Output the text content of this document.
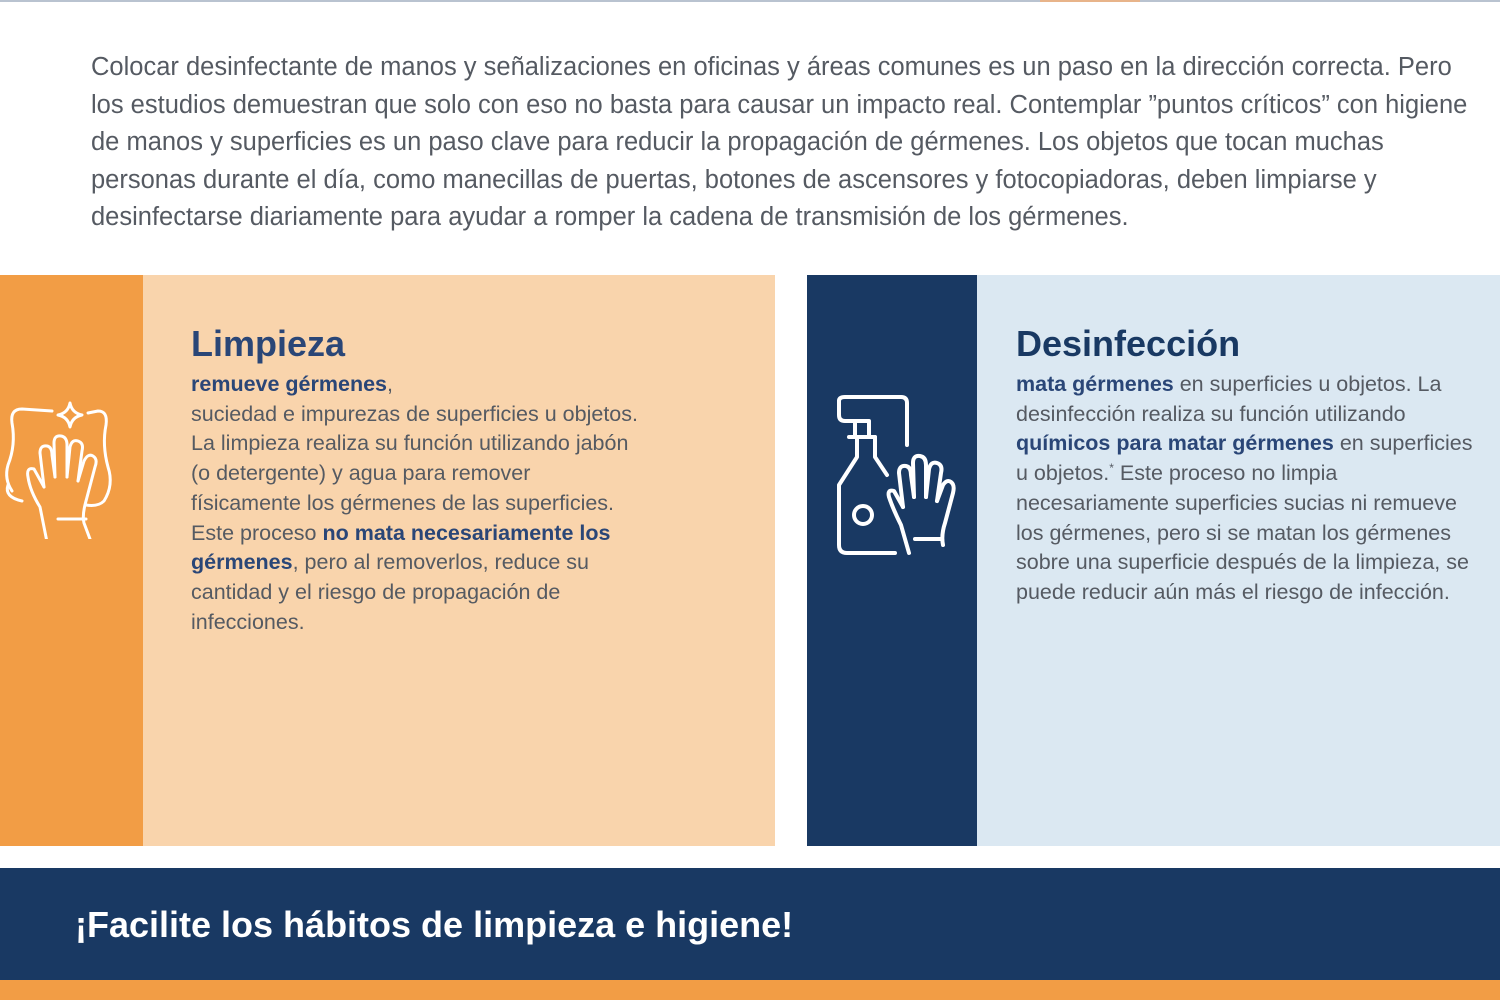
Colocar desinfectante de manos y señalizaciones en oficinas y áreas comunes es un paso en la dirección correcta. Pero los estudios demuestran que solo con eso no basta para causar un impacto real. Contemplar ”puntos críticos” con higiene de manos y superficies es un paso clave para reducir la propagación de gérmenes. Los objetos que tocan muchas personas durante el día, como manecillas de puertas, botones de ascensores y fotocopiadoras, deben limpiarse y desinfectarse diariamente para ayudar a romper la cadena de transmisión de los gérmenes.

Limpieza

remueve gérmenes,
suciedad e impurezas de superficies u objetos. La limpieza realiza su función utilizando jabón (o detergente) y agua para remover físicamente los gérmenes de las superficies. Este proceso no mata necesariamente los gérmenes, pero al removerlos, reduce su cantidad y el riesgo de propagación de infecciones.

Desinfección

mata gérmenes en superficies u objetos. La desinfección realiza su función utilizando químicos para matar gérmenes en superficies u objetos.* Este proceso no limpia necesariamente superficies sucias ni remueve los gérmenes, pero si se matan los gérmenes sobre una superficie después de la limpieza, se puede reducir aún más el riesgo de infección.

¡Facilite los hábitos de limpieza e higiene!
